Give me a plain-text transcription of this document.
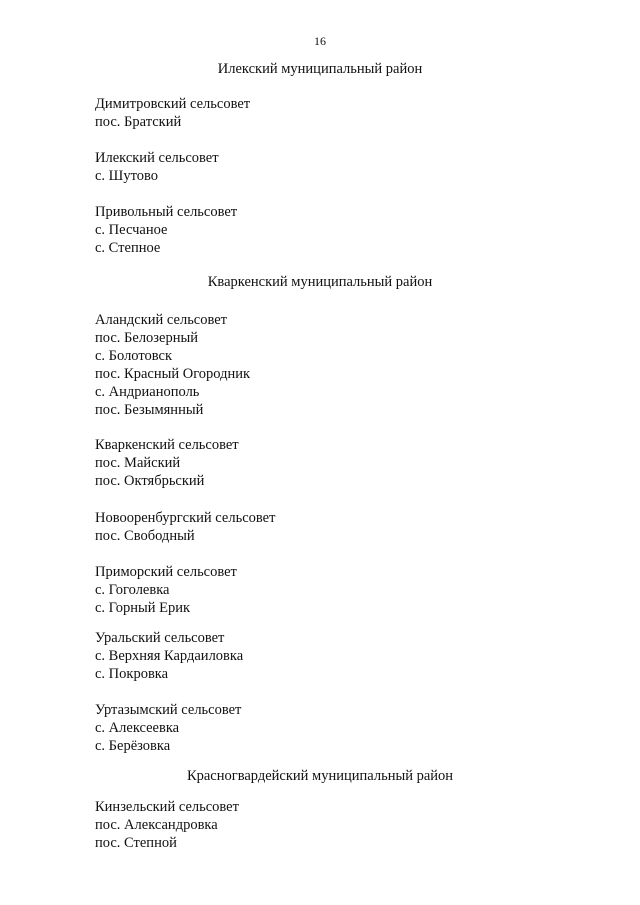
16
Илекский муниципальный район
Димитровский сельсовет
пос. Братский
Илекский сельсовет
с. Шутово
Привольный сельсовет
с. Песчаное
с. Степное
Кваркенский муниципальный район
Аландский сельсовет
пос. Белозерный
с. Болотовск
пос. Красный Огородник
с. Андрианополь
пос. Безымянный
Кваркенский сельсовет
пос. Майский
пос. Октябрьский
Новооренбургский сельсовет
пос. Свободный
Приморский сельсовет
с. Гоголевка
с. Горный Ерик
Уральский сельсовет
с. Верхняя Кардаиловка
с. Покровка
Уртазымский сельсовет
с. Алексеевка
с. Берёзовка
Красногвардейский муниципальный район
Кинзельский сельсовет
пос. Александровка
пос. Степной
